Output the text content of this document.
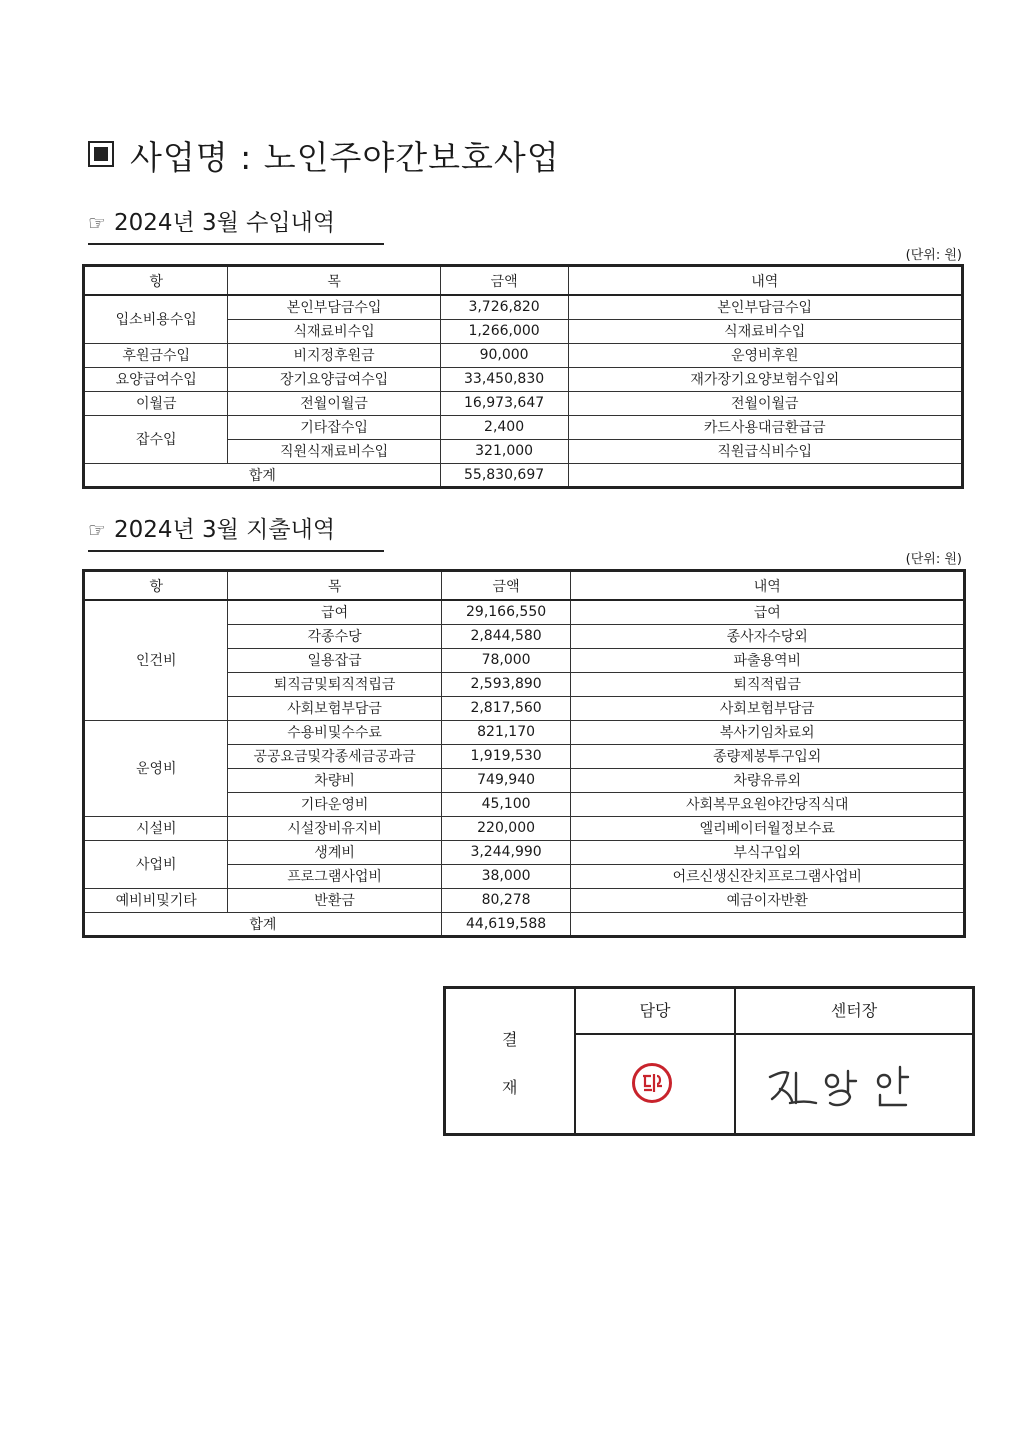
사업명 : 노인주야간보호사업
☞ 2024년 3월 수입내역
(단위: 원)
항	목	금액	내역
입소비용수입	본인부담금수입	3,726,820	본인부담금수입
	식재료비수입	1,266,000	식재료비수입
후원금수입	비지정후원금	90,000	운영비후원
요양급여수입	장기요양급여수입	33,450,830	재가장기요양보험수입외
이월금	전월이월금	16,973,647	전월이월금
잡수입	기타잡수입	2,400	카드사용대금환급금
	직원식재료비수입	321,000	직원급식비수입
합계		55,830,697	
☞ 2024년 3월 지출내역
(단위: 원)
항	목	금액	내역
인건비	급여	29,166,550	급여
	각종수당	2,844,580	종사자수당외
	일용잡급	78,000	파출용역비
	퇴직금및퇴직적립금	2,593,890	퇴직적립금
	사회보험부담금	2,817,560	사회보험부담금
운영비	수용비및수수료	821,170	복사기임차료외
	공공요금및각종세금공과금	1,919,530	종량제봉투구입외
	차량비	749,940	차량유류외
	기타운영비	45,100	사회복무요원야간당직식대
시설비	시설장비유지비	220,000	엘리베이터월정보수료
사업비	생계비	3,244,990	부식구입외
	프로그램사업비	38,000	어르신생신잔치프로그램사업비
예비비및기타	반환금	80,278	예금이자반환
합계		44,619,588	
결
재
담당	센터장
